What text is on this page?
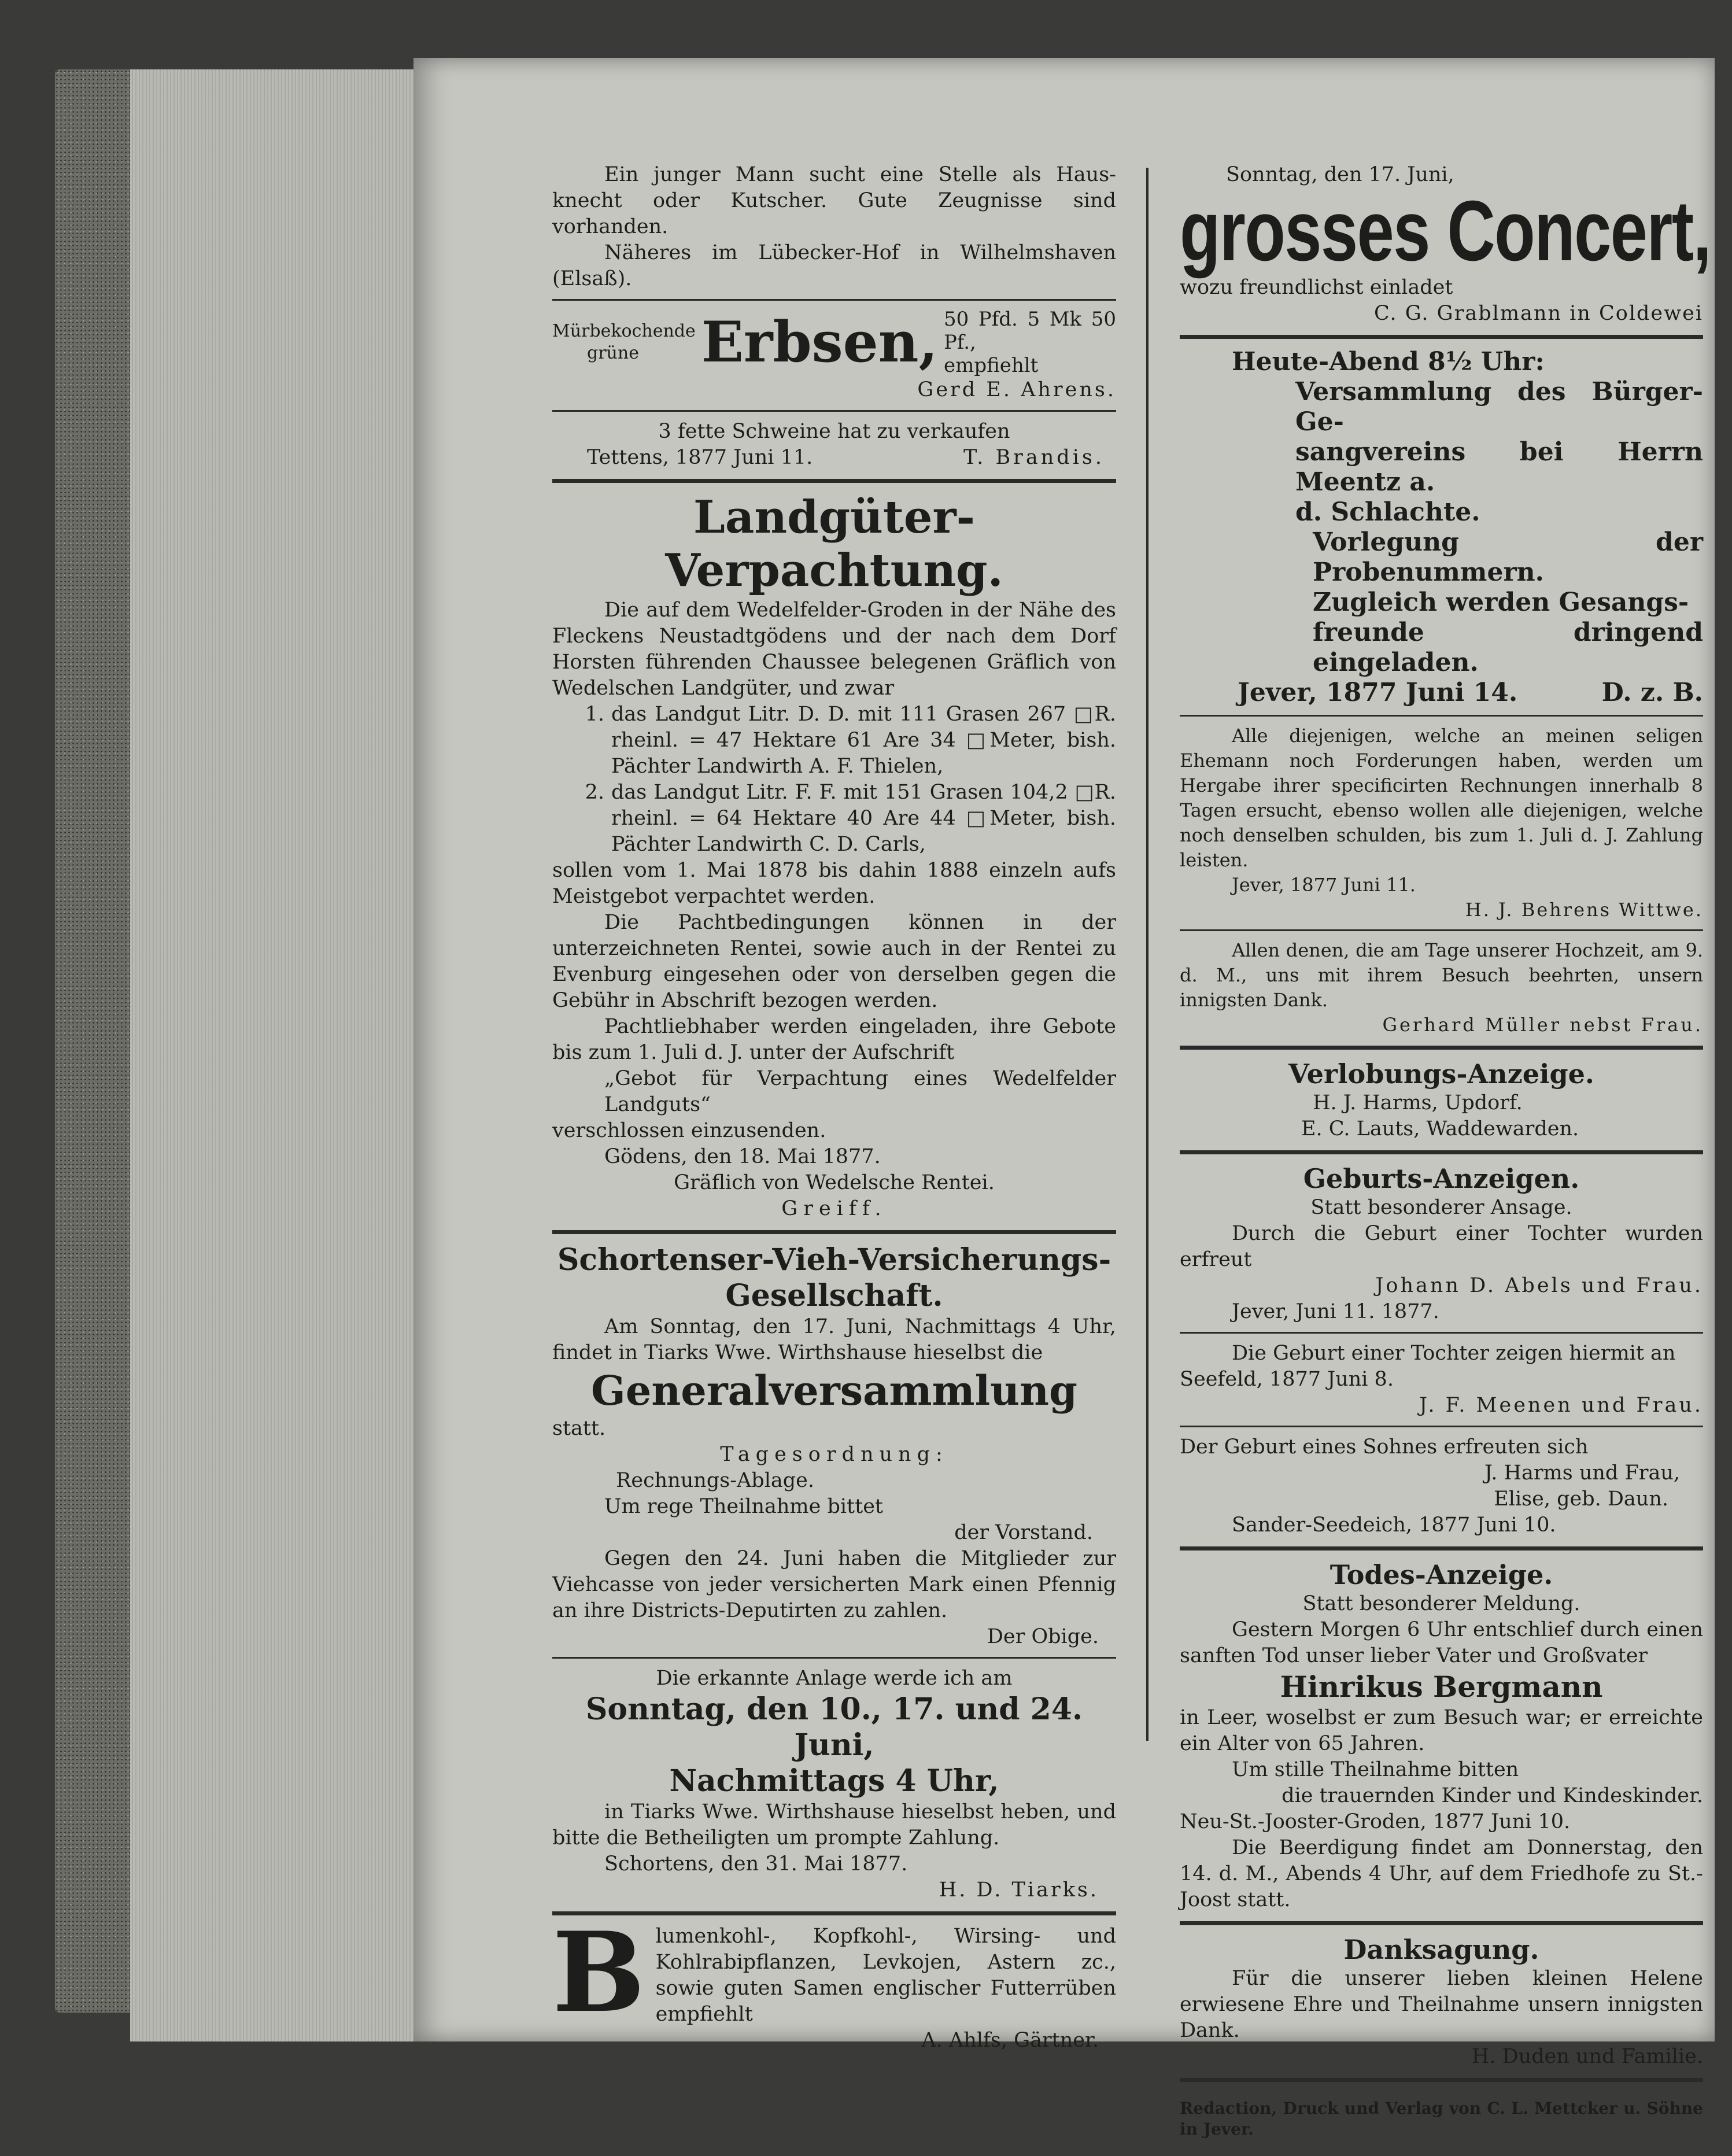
Ein junger Mann sucht eine Stelle als Haus-knecht oder Kutscher. Gute Zeugnisse sind vorhanden.

Näheres im Lübecker-Hof in Wilhelmshaven (Elsaß).

Mürbekochende
grüne	Erbsen, 50 Pfd. 5 Mk 50 Pf.,
empfiehlt

Gerd E. Ahrens.

3 fette Schweine hat zu verkaufen

Tettens, 1877 Juni 11.	T. Brandis.
Landgüter-Verpachtung.

Die auf dem Wedelfelder-Groden in der Nähe des Fleckens Neustadtgödens und der nach dem Dorf Horsten führenden Chaussee belegenen Gräflich von Wedelschen Landgüter, und zwar

1. das Landgut Litr. D. D. mit 111 Grasen 267 □R. rheinl. = 47 Hektare 61 Are 34 □Meter, bish. Pächter Landwirth A. F. Thielen,
2. das Landgut Litr. F. F. mit 151 Grasen 104,2 □R. rheinl. = 64 Hektare 40 Are 44 □Meter, bish. Pächter Landwirth C. D. Carls,

sollen vom 1. Mai 1878 bis dahin 1888 einzeln aufs Meistgebot verpachtet werden.

Die Pachtbedingungen können in der unterzeichneten Rentei, sowie auch in der Rentei zu Evenburg eingesehen oder von derselben gegen die Gebühr in Abschrift bezogen werden.

Pachtliebhaber werden eingeladen, ihre Gebote bis zum 1. Juli d. J. unter der Aufschrift

„Gebot für Verpachtung eines Wedelfelder Landguts“

verschlossen einzusenden.

Gödens, den 18. Mai 1877.

Gräflich von Wedelsche Rentei.

Greiff.

Schortenser-Vieh-Versicherungs-
Gesellschaft.

Am Sonntag, den 17. Juni, Nachmittags 4 Uhr, findet in Tiarks Wwe. Wirthshause hieselbst die

Generalversammlung

statt.

Tagesordnung:

Rechnungs-Ablage.

Um rege Theilnahme bittet

der Vorstand.

Gegen den 24. Juni haben die Mitglieder zur Viehcasse von jeder versicherten Mark einen Pfennig an ihre Districts-Deputirten zu zahlen.

Der Obige.

Die erkannte Anlage werde ich am

Sonntag, den 10., 17. und 24. Juni,
Nachmittags 4 Uhr,

in Tiarks Wwe. Wirthshause hieselbst heben, und bitte die Betheiligten um prompte Zahlung.

Schortens, den 31. Mai 1877.

H. D. Tiarks.

B lumenkohl-, Kopfkohl-, Wirsing- und Kohlrabipflanzen, Levkojen, Astern zc., sowie guten Samen englischer Futterrüben empfiehlt

A. Ahlfs, Gärtner.

Sonntag, den 17. Juni,

grosses Concert,

wozu freundlichst einladet

C. G. Grablmann in Coldewei

Heute-Abend 8½ Uhr:

Versammlung des Bürger-Ge-

sangvereins bei Herrn Meentz a.

d. Schlachte.

Vorlegung der Probenummern.

Zugleich werden Gesangs-

freunde dringend eingeladen.

Jever, 1877 Juni 14.	D. z. B.

Alle diejenigen, welche an meinen seligen Ehemann noch Forderungen haben, werden um Hergabe ihrer specificirten Rechnungen innerhalb 8 Tagen ersucht, ebenso wollen alle diejenigen, welche noch denselben schulden, bis zum 1. Juli d. J. Zahlung leisten.

Jever, 1877 Juni 11.

H. J. Behrens Wittwe.

Allen denen, die am Tage unserer Hochzeit, am 9. d. M., uns mit ihrem Besuch beehrten, unsern innigsten Dank.

Gerhard Müller nebst Frau.

Verlobungs-Anzeige.

H. J. Harms, Updorf.

E. C. Lauts, Waddewarden.

Geburts-Anzeigen.

Statt besonderer Ansage.

Durch die Geburt einer Tochter wurden erfreut

Johann D. Abels und Frau.

Jever, Juni 11. 1877.

Die Geburt einer Tochter zeigen hiermit an

Seefeld, 1877 Juni 8.

J. F. Meenen und Frau.

Der Geburt eines Sohnes erfreuten sich

J. Harms und Frau,

Elise, geb. Daun.

Sander-Seedeich, 1877 Juni 10.

Todes-Anzeige.

Statt besonderer Meldung.

Gestern Morgen 6 Uhr entschlief durch einen sanften Tod unser lieber Vater und Großvater

Hinrikus Bergmann

in Leer, woselbst er zum Besuch war; er erreichte ein Alter von 65 Jahren.

Um stille Theilnahme bitten

die trauernden Kinder und Kindeskinder.

Neu-St.-Jooster-Groden, 1877 Juni 10.

Die Beerdigung findet am Donnerstag, den 14. d. M., Abends 4 Uhr, auf dem Friedhofe zu St.-Joost statt.

Danksagung.

Für die unserer lieben kleinen Helene erwiesene Ehre und Theilnahme unsern innigsten Dank.

H. Duden und Familie.

Redaction, Druck und Verlag von C. L. Mettcker u. Söhne in Jever.
